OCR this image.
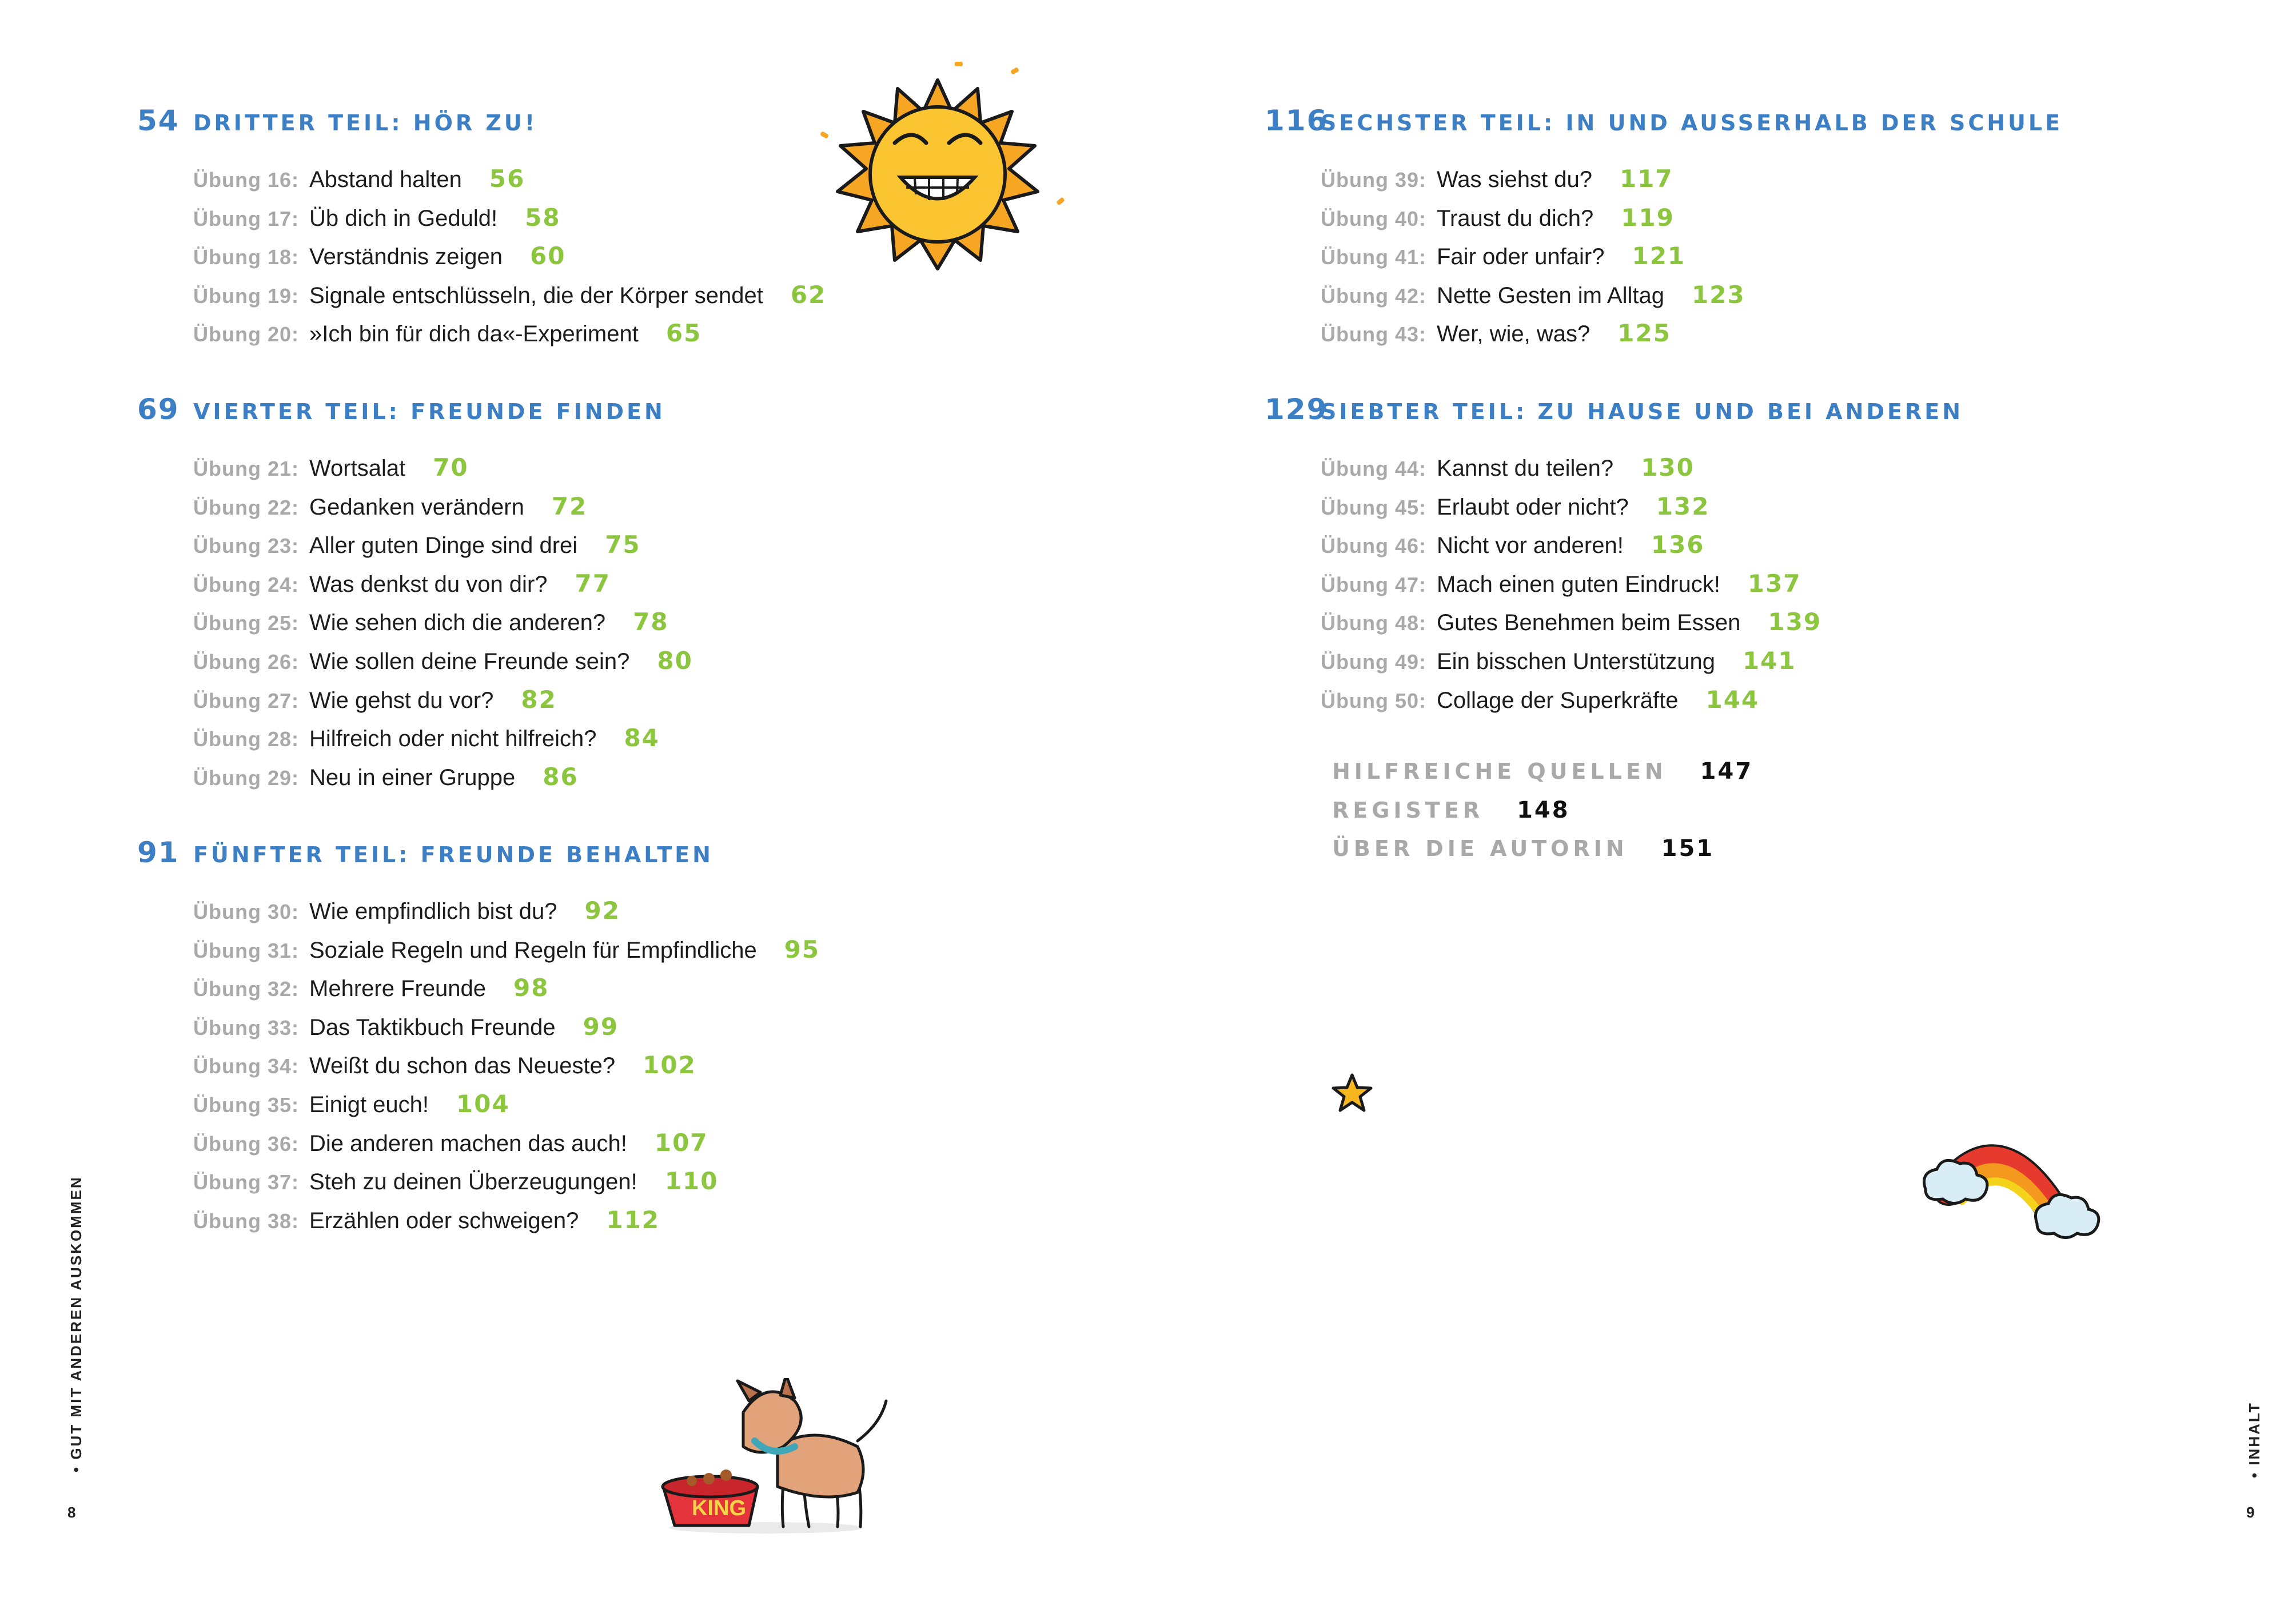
54 DRITTER TEIL: HÖR ZU!
Übung 16: Abstand halten 56
Übung 17: Üb dich in Geduld! 58
Übung 18: Verständnis zeigen 60
Übung 19: Signale entschlüsseln, die der Körper sendet 62
Übung 20: »Ich bin für dich da«-Experiment 65
69 VIERTER TEIL: FREUNDE FINDEN
Übung 21: Wortsalat 70
Übung 22: Gedanken verändern 72
Übung 23: Aller guten Dinge sind drei 75
Übung 24: Was denkst du von dir? 77
Übung 25: Wie sehen dich die anderen? 78
Übung 26: Wie sollen deine Freunde sein? 80
Übung 27: Wie gehst du vor? 82
Übung 28: Hilfreich oder nicht hilfreich? 84
Übung 29: Neu in einer Gruppe 86
91 FÜNFTER TEIL: FREUNDE BEHALTEN
Übung 30: Wie empfindlich bist du? 92
Übung 31: Soziale Regeln und Regeln für Empfindliche 95
Übung 32: Mehrere Freunde 98
Übung 33: Das Taktikbuch Freunde 99
Übung 34: Weißt du schon das Neueste? 102
Übung 35: Einigt euch! 104
Übung 36: Die anderen machen das auch! 107
Übung 37: Steh zu deinen Überzeugungen! 110
Übung 38: Erzählen oder schweigen? 112
KING
• GUT MIT ANDEREN AUSKOMMEN
8
116
SECHSTER TEIL: IN UND AUSSERHALB DER SCHULE
Übung 39: Was siehst du? 117
Übung 40: Traust du dich? 119
Übung 41: Fair oder unfair? 121
Übung 42: Nette Gesten im Alltag 123
Übung 43: Wer, wie, was? 125
129
SIEBTER TEIL: ZU HAUSE UND BEI ANDEREN
Übung 44: Kannst du teilen? 130
Übung 45: Erlaubt oder nicht? 132
Übung 46: Nicht vor anderen! 136
Übung 47: Mach einen guten Eindruck! 137
Übung 48: Gutes Benehmen beim Essen 139
Übung 49: Ein bisschen Unterstützung 141
Übung 50: Collage der Superkräfte 144
HILFREICHE QUELLEN 147
REGISTER 148
ÜBER DIE AUTORIN 151
• INHALT
9
